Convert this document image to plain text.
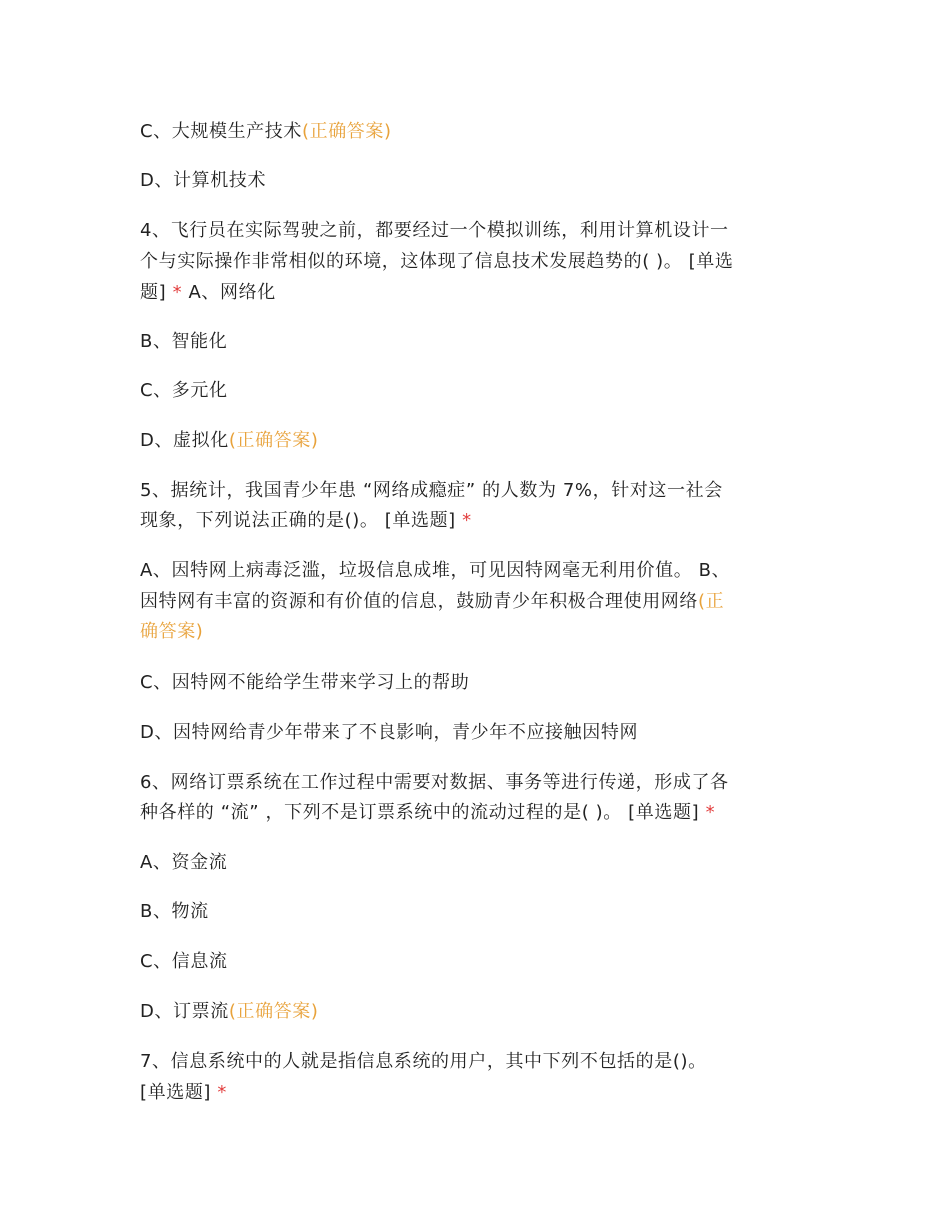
C、大规模生产技术(正确答案)
D、计算机技术
4、飞行员在实际驾驶之前，都要经过一个模拟训练，利用计算机设计一
个与实际操作非常相似的环境，这体现了信息技术发展趋势的( )。 [单选
题] * A、网络化
B、智能化
C、多元化
D、虚拟化(正确答案)
5、据统计，我国青少年患 “网络成瘾症” 的人数为 7%，针对这一社会
现象，下列说法正确的是()。 [单选题] *
A、因特网上病毒泛滥，垃圾信息成堆，可见因特网毫无利用价值。 B、
因特网有丰富的资源和有价值的信息，鼓励青少年积极合理使用网络(正
确答案)
C、因特网不能给学生带来学习上的帮助
D、因特网给青少年带来了不良影响，青少年不应接触因特网
6、网络订票系统在工作过程中需要对数据、事务等进行传递，形成了各
种各样的 “流” ，下列不是订票系统中的流动过程的是( )。 [单选题] *
A、资金流
B、物流
C、信息流
D、订票流(正确答案)
7、信息系统中的人就是指信息系统的用户，其中下列不包括的是()。
[单选题] *
